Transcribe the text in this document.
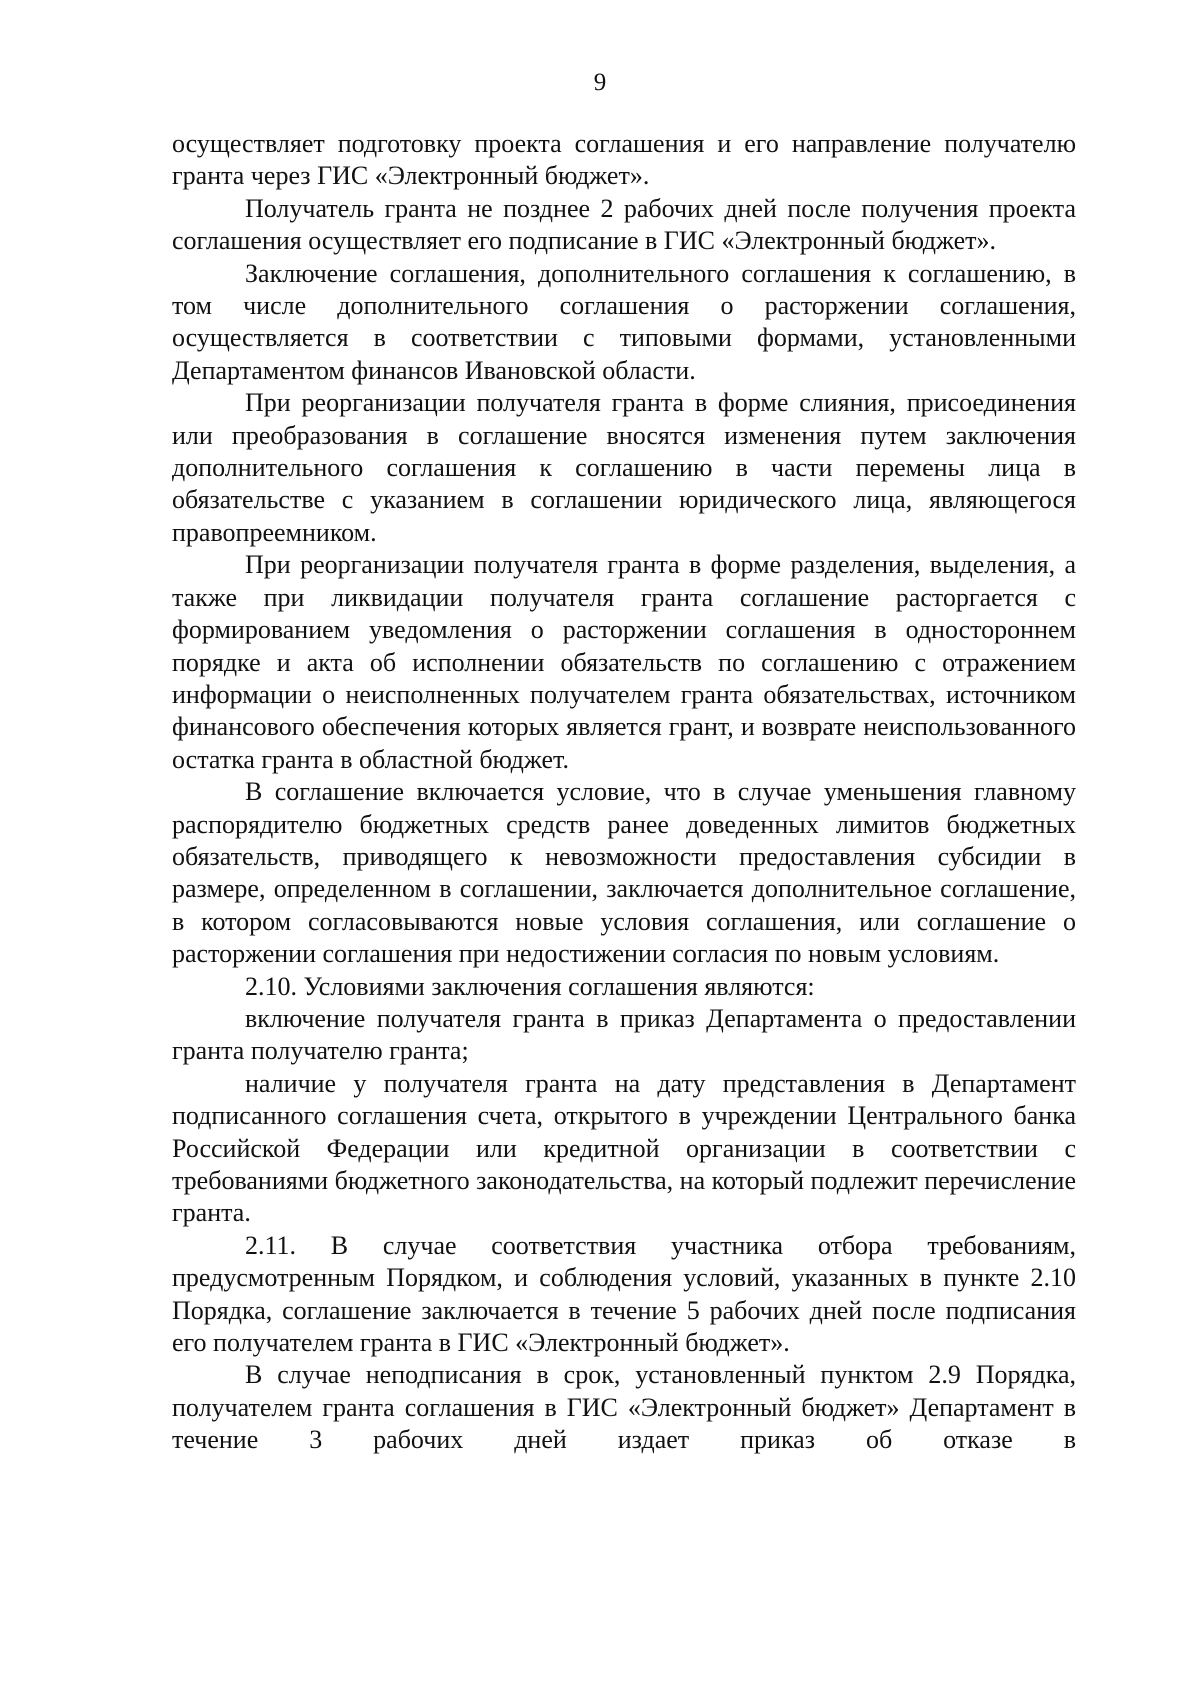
9

осуществляет подготовку проекта соглашения и его направление получателю гранта через ГИС «Электронный бюджет».

Получатель гранта не позднее 2 рабочих дней после получения проекта соглашения осуществляет его подписание в ГИС «Электронный бюджет».

Заключение соглашения, дополнительного соглашения к соглашению, в том числе дополнительного соглашения о расторжении соглашения, осуществляется в соответствии с типовыми формами, установленными Департаментом финансов Ивановской области.

При реорганизации получателя гранта в форме слияния, присоединения или преобразования в соглашение вносятся изменения путем заключения дополнительного соглашения к соглашению в части перемены лица в обязательстве с указанием в соглашении юридического лица, являющегося правопреемником.

При реорганизации получателя гранта в форме разделения, выделения, а также при ликвидации получателя гранта соглашение расторгается с формированием уведомления о расторжении соглашения в одностороннем порядке и акта об исполнении обязательств по соглашению с отражением информации о неисполненных получателем гранта обязательствах, источником финансового обеспечения которых является грант, и возврате неиспользованного остатка гранта в областной бюджет.

В соглашение включается условие, что в случае уменьшения главному распорядителю бюджетных средств ранее доведенных лимитов бюджетных обязательств, приводящего к невозможности предоставления субсидии в размере, определенном в соглашении, заключается дополнительное соглашение, в котором согласовываются новые условия соглашения, или соглашение о расторжении соглашения при недостижении согласия по новым условиям.

2.10. Условиями заключения соглашения являются:

включение получателя гранта в приказ Департамента о предоставлении гранта получателю гранта;

наличие у получателя гранта на дату представления в Департамент подписанного соглашения счета, открытого в учреждении Центрального банка Российской Федерации или кредитной организации в соответствии с требованиями бюджетного законодательства, на который подлежит перечисление гранта.

2.11. В случае соответствия участника отбора требованиям, предусмотренным Порядком, и соблюдения условий, указанных в пункте 2.10 Порядка, соглашение заключается в течение 5 рабочих дней после подписания его получателем гранта в ГИС «Электронный бюджет».

В случае неподписания в срок, установленный пунктом 2.9 Порядка, получателем гранта соглашения в ГИС «Электронный бюджет» Департамент в течение 3 рабочих дней издает приказ об отказе в
